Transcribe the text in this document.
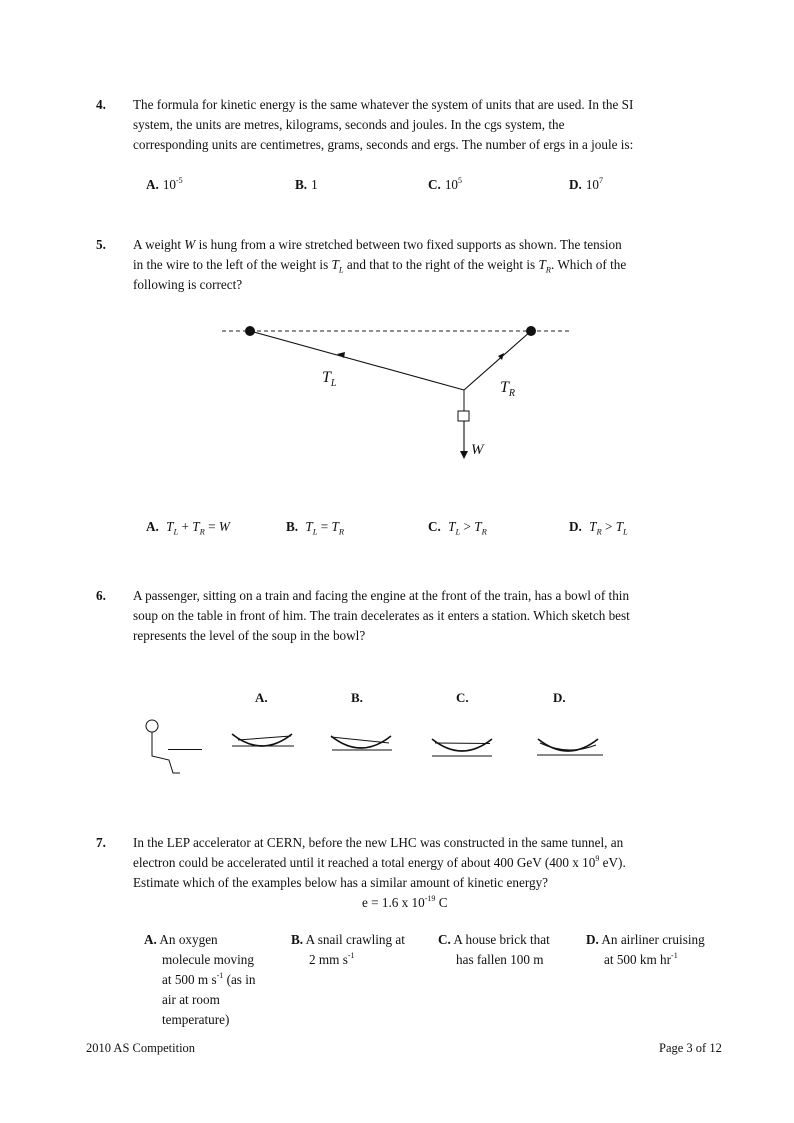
4. The formula for kinetic energy is the same whatever the system of units that are used. In the SI
system, the units are metres, kilograms, seconds and joules. In the cgs system, the
corresponding units are centimetres, grams, seconds and ergs. The number of ergs in a joule is:
A. $10^{-5}$	B. 1	C. $10^5$	D. $10^7$
5. A weight W is hung from a wire stretched between two fixed supports as shown. The tension
in the wire to the left of the weight is $T_L$ and that to the right of the weight is $T_R$. Which of the
following is correct?
$T_L$	$T_R$
W
A. $T_L + T_R = W$	B. $T_L = T_R$	C. $T_L > T_R$	D. $T_R > T_L$
6. A passenger, sitting on a train and facing the engine at the front of the train, has a bowl of thin
soup on the table in front of him. The train decelerates as it enters a station. Which sketch best
represents the level of the soup in the bowl?
A.	B.	C.	D.
7. In the LEP accelerator at CERN, before the new LHC was constructed in the same tunnel, an
electron could be accelerated until it reached a total energy of about 400 GeV (400 x $10^9$ eV).
Estimate which of the examples below has a similar amount of kinetic energy?
e = 1.6 x $10^{-19}$ C
A. An oxygen
molecule moving
at 500 m $s^{-1}$ (as in
air at room
temperature)
B. A snail crawling at
2 mm $s^{-1}$
C. A house brick that
has fallen 100 m
D. An airliner cruising
at 500 km $hr^{-1}$
2010 AS Competition	Page 3 of 12
